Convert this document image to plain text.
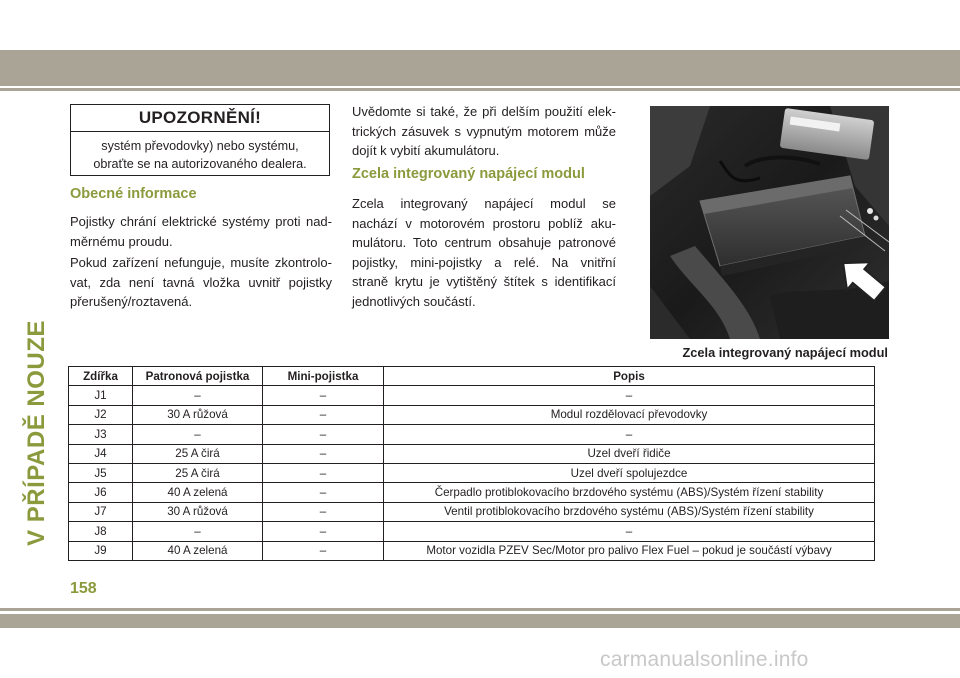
V PŘÍPADĚ NOUZE
UPOZORNĚNÍ!
systém převodovky) nebo systému,
obraťte se na autorizovaného dealera.
Obecné informace

Pojistky chrání elektrické systémy proti nad-
měrnému proudu.

Pokud zařízení nefunguje, musíte zkontrolo-
vat, zda není tavná vložka uvnitř pojistky
přerušený/roztavená.

Uvědomte si také, že při delším použití elek-
trických zásuvek s vypnutým motorem může
dojít k vybití akumulátoru.

Zcela integrovaný napájecí modul

Zcela integrovaný napájecí modul se
nachází v motorovém prostoru poblíž aku-
mulátoru. Toto centrum obsahuje patronové
pojistky, mini-pojistky a relé. Na vnitřní
straně krytu je vytištěný štítek s identifikací
jednotlivých součástí.

Zcela integrovaný napájecí modul
Zdířka	Patronová pojistka	Mini-pojistka	Popis
J1	–	–	–
J2	30 A růžová	–	Modul rozdělovací převodovky
J3	–	–	–
J4	25 A čirá	–	Uzel dveří řidiče
J5	25 A čirá	–	Uzel dveří spolujezdce
J6	40 A zelená	–	Čerpadlo protiblokovacího brzdového systému (ABS)/Systém řízení stability
J7	30 A růžová	–	Ventil protiblokovacího brzdového systému (ABS)/Systém řízení stability
J8	–	–	–
J9	40 A zelená	–	Motor vozidla PZEV Sec/Motor pro palivo Flex Fuel – pokud je součástí výbavy
158
carmanualsonline.info
